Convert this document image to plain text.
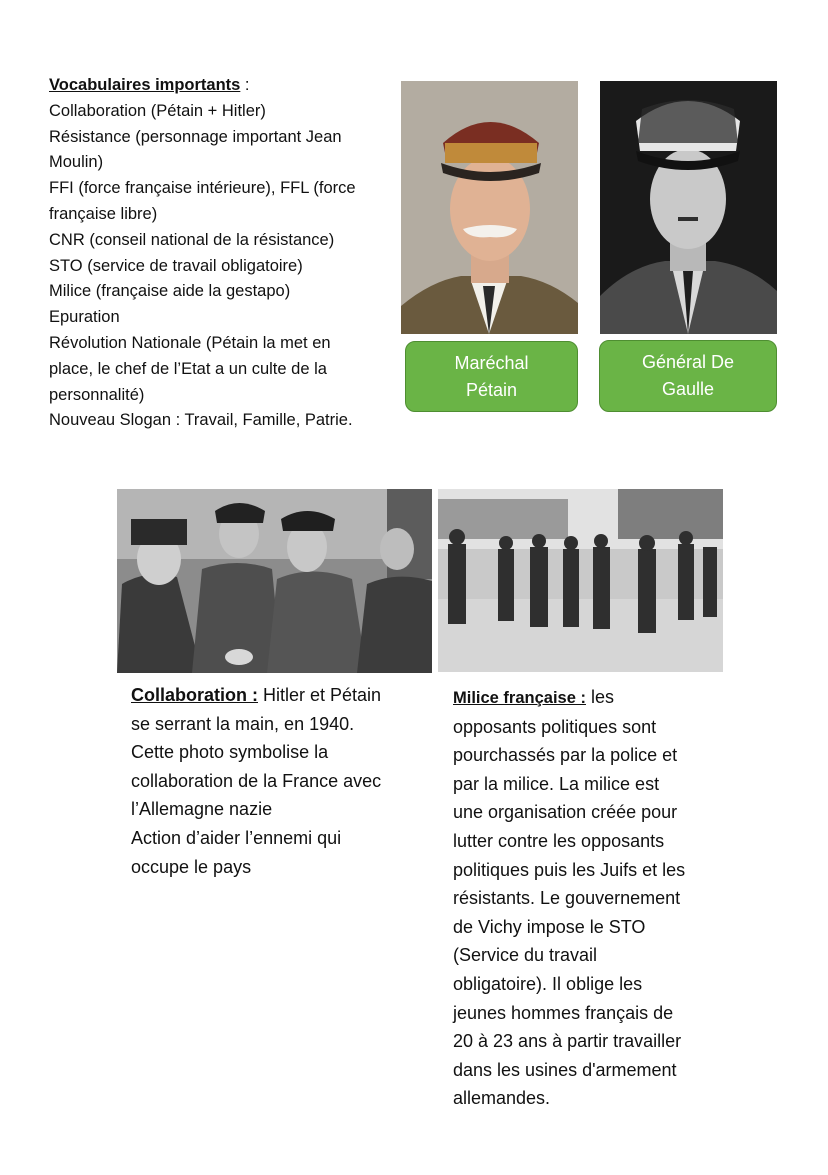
Vocabulaires importants :
Collaboration (Pétain + Hitler)
Résistance (personnage important Jean
Moulin)
FFI (force française intérieure), FFL (force
française libre)
CNR (conseil national de la résistance)
STO (service de travail obligatoire)
Milice (française aide la gestapo)
Epuration
Révolution Nationale (Pétain la met en
place, le chef de l’Etat a un culte de la
personnalité)
Nouveau Slogan : Travail, Famille, Patrie.
Maréchal
Pétain
Général De
Gaulle
Collaboration : Hitler et Pétain
se serrant la main, en 1940.
Cette photo symbolise la
collaboration de la France avec
l’Allemagne nazie
Action d’aider l’ennemi qui
occupe le pays
Milice française : les
opposants politiques sont
pourchassés par la police et
par la milice. La milice est
une organisation créée pour
lutter contre les opposants
politiques puis les Juifs et les
résistants. Le gouvernement
de Vichy impose le STO
(Service du travail
obligatoire). Il oblige les
jeunes hommes français de
20 à 23 ans à partir travailler
dans les usines d'armement
allemandes.
